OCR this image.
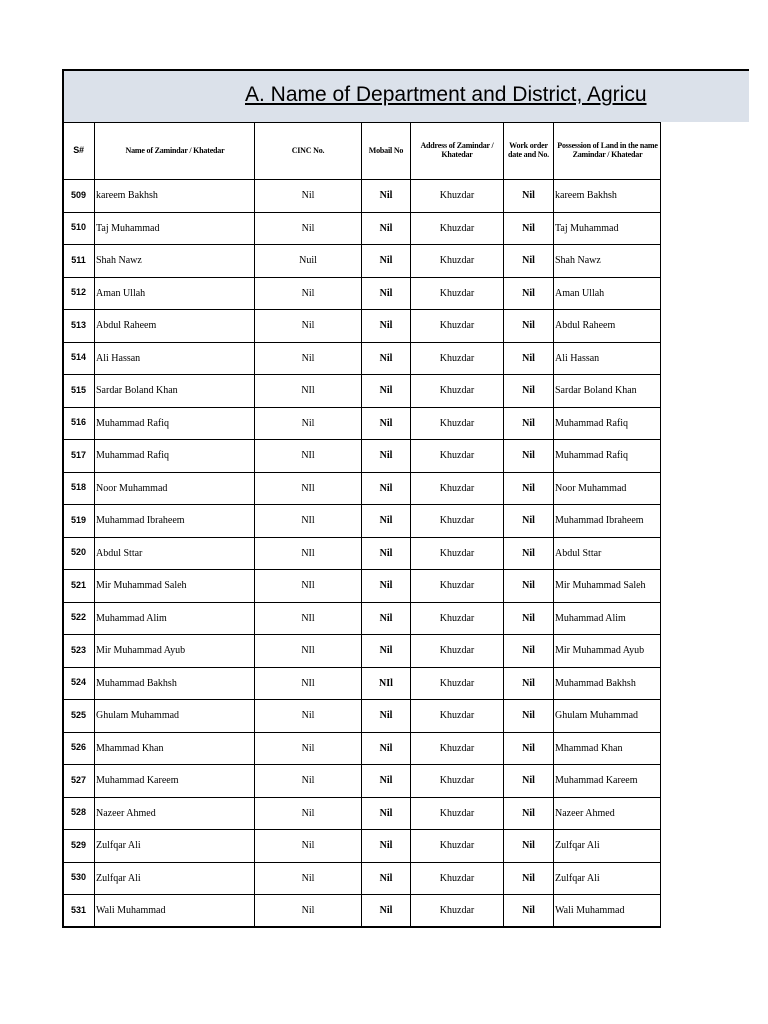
A. Name of Department and District, Agricu
S#	Name of Zamindar / Khatedar	CINC No.	Mobail No	Address of Zamindar / Khatedar	Work order date and No.	Possession of Land in the name Zamindar / Khatedar
509	kareem Bakhsh	Nil	Nil	Khuzdar	Nil	kareem Bakhsh
510	Taj Muhammad	Nil	Nil	Khuzdar	Nil	Taj Muhammad
511	Shah Nawz	Nuil	Nil	Khuzdar	Nil	Shah Nawz
512	Aman Ullah	Nil	Nil	Khuzdar	Nil	Aman Ullah
513	Abdul Raheem	Nil	Nil	Khuzdar	Nil	Abdul Raheem
514	Ali Hassan	Nil	Nil	Khuzdar	Nil	Ali Hassan
515	Sardar Boland Khan	NIl	Nil	Khuzdar	Nil	Sardar Boland Khan
516	Muhammad Rafiq	Nil	Nil	Khuzdar	Nil	Muhammad Rafiq
517	Muhammad Rafiq	NIl	Nil	Khuzdar	Nil	Muhammad Rafiq
518	Noor Muhammad	NIl	Nil	Khuzdar	Nil	Noor Muhammad
519	Muhammad Ibraheem	NIl	Nil	Khuzdar	Nil	Muhammad Ibraheem
520	Abdul Sttar	NIl	Nil	Khuzdar	Nil	Abdul Sttar
521	Mir Muhammad Saleh	NIl	Nil	Khuzdar	Nil	Mir Muhammad Saleh
522	Muhammad Alim	NIl	Nil	Khuzdar	Nil	Muhammad Alim
523	Mir Muhammad Ayub	NIl	Nil	Khuzdar	Nil	Mir Muhammad Ayub
524	Muhammad Bakhsh	NIl	NIl	Khuzdar	Nil	Muhammad Bakhsh
525	Ghulam Muhammad	Nil	Nil	Khuzdar	Nil	Ghulam Muhammad
526	Mhammad Khan	Nil	Nil	Khuzdar	Nil	Mhammad Khan
527	Muhammad Kareem	Nil	Nil	Khuzdar	Nil	Muhammad Kareem
528	Nazeer Ahmed	Nil	Nil	Khuzdar	Nil	Nazeer Ahmed
529	Zulfqar Ali	Nil	Nil	Khuzdar	Nil	Zulfqar Ali
530	Zulfqar Ali	Nil	Nil	Khuzdar	Nil	Zulfqar Ali
531	Wali Muhammad	Nil	Nil	Khuzdar	Nil	Wali Muhammad
